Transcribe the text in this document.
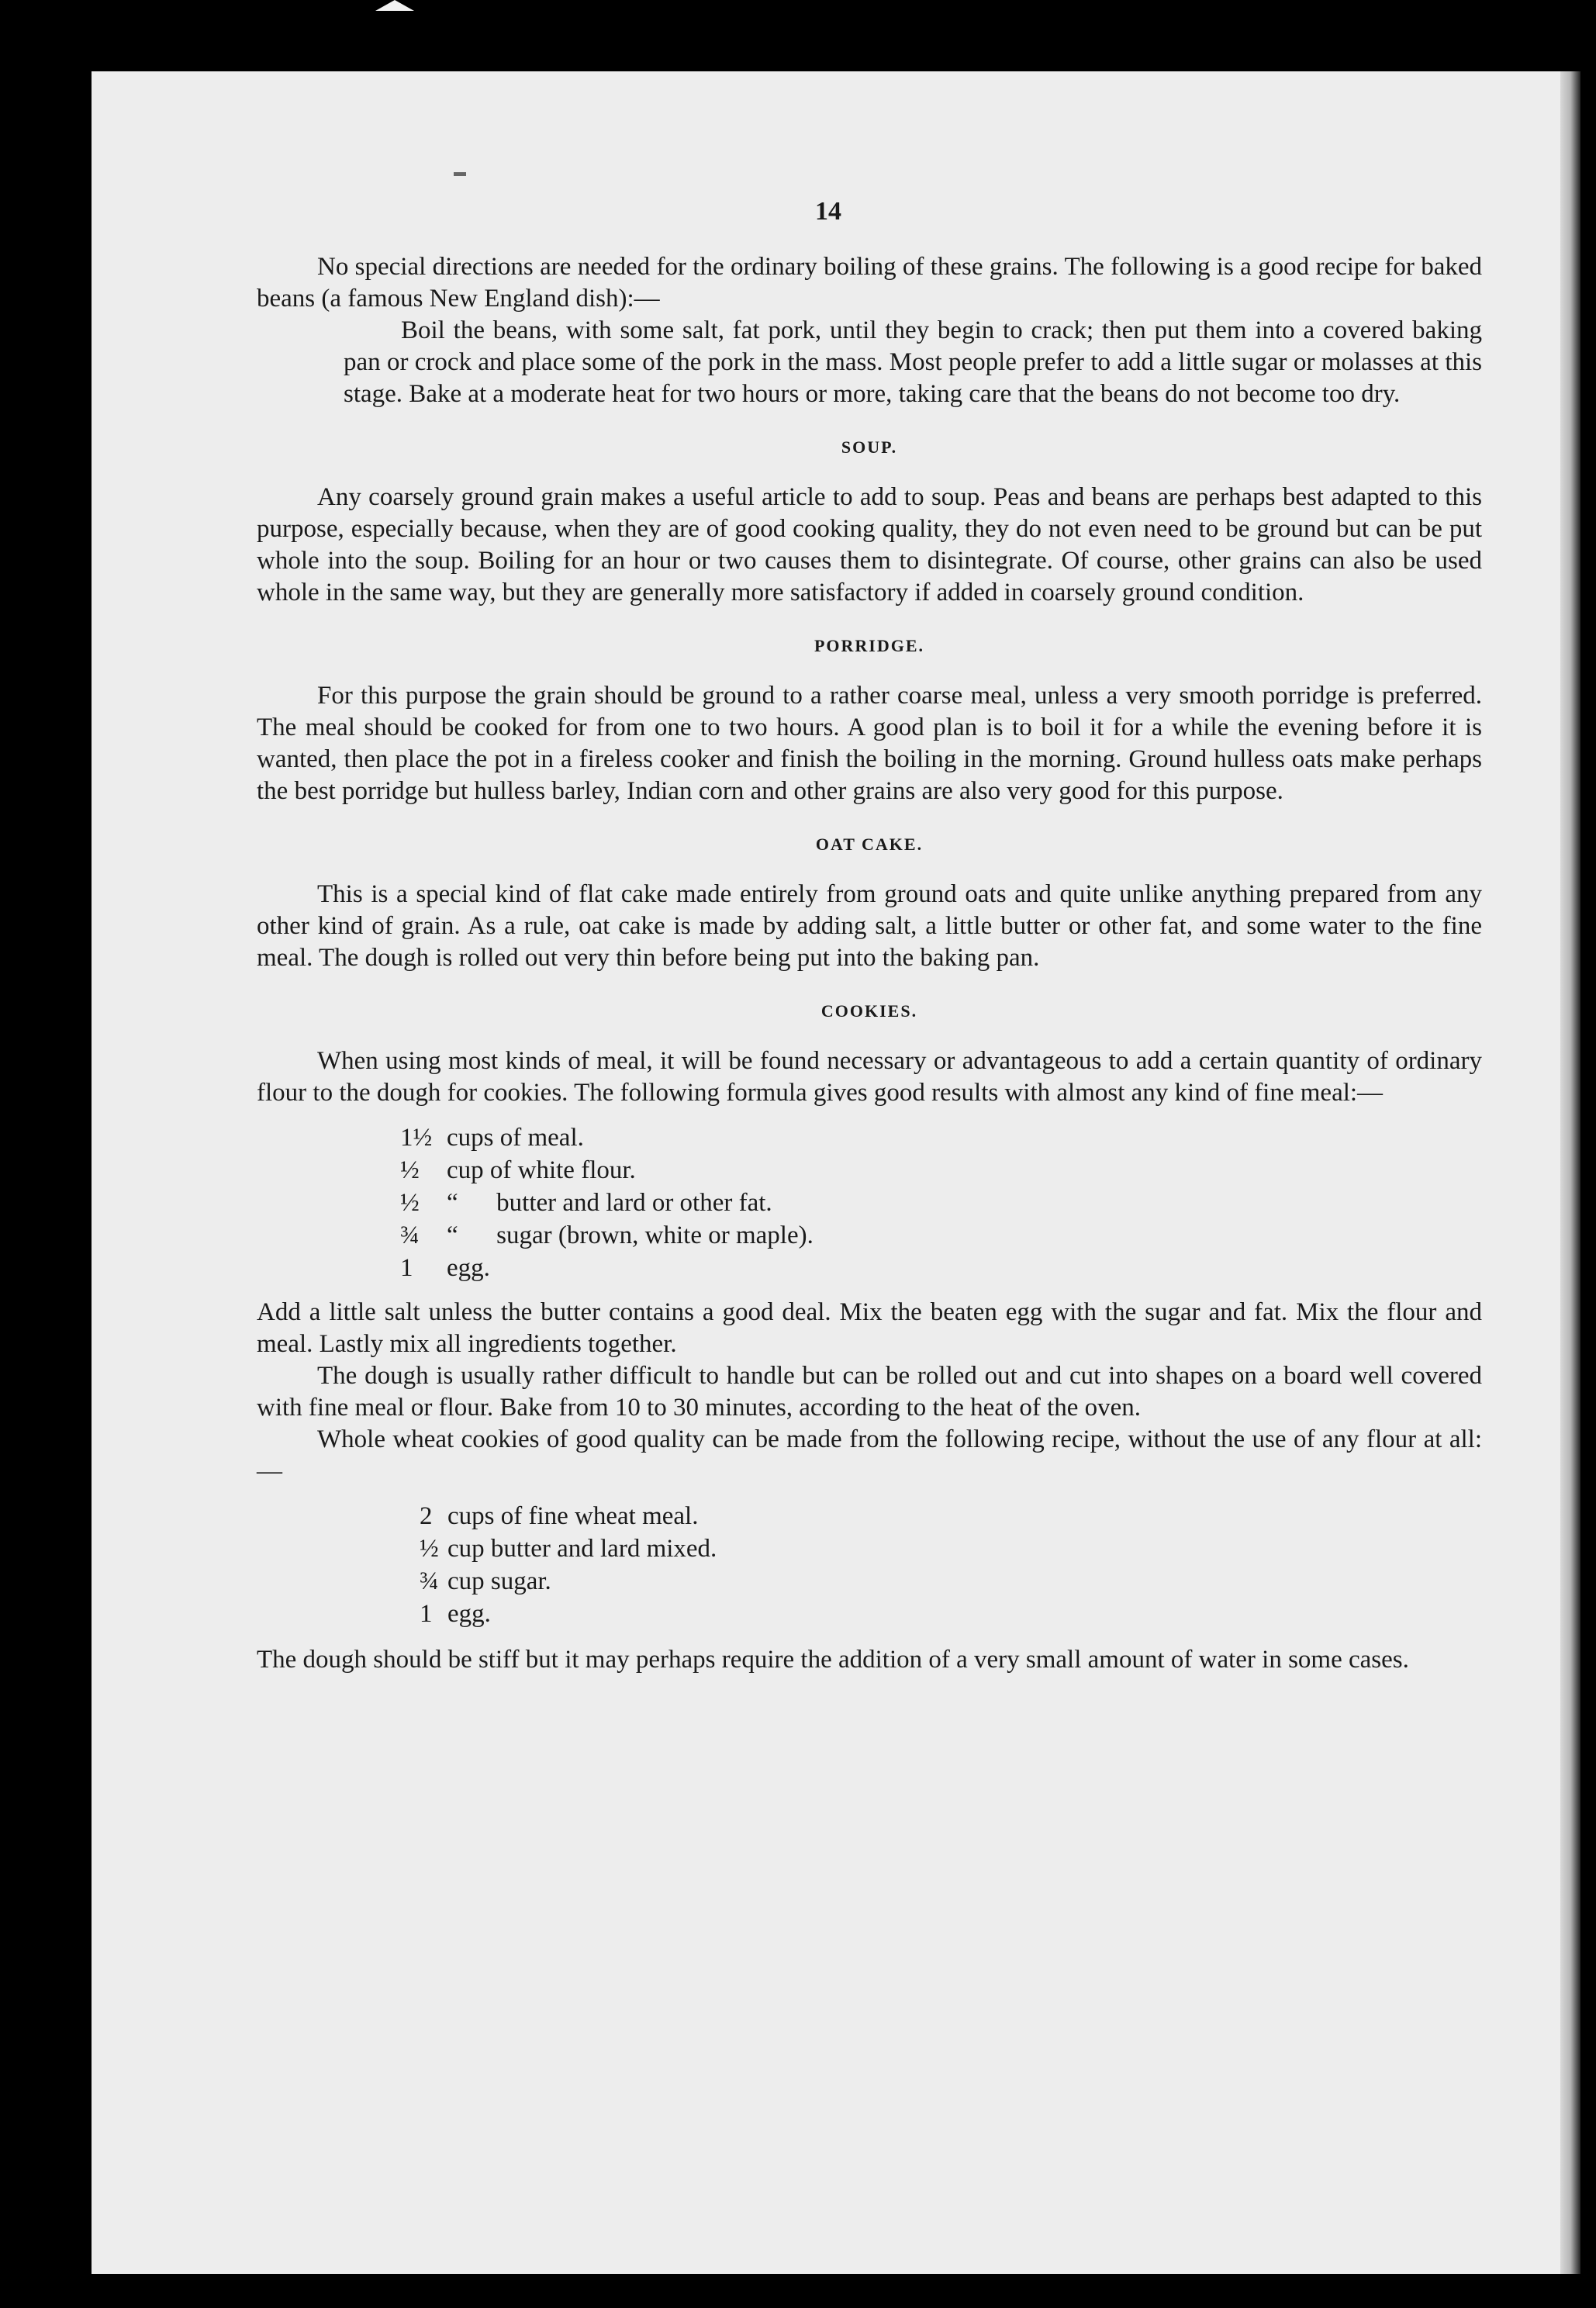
14

No special directions are needed for the ordinary boiling of these grains. The following is a good recipe for baked beans (a famous New England dish):—

Boil the beans, with some salt, fat pork, until they begin to crack; then put them into a covered baking pan or crock and place some of the pork in the mass. Most people prefer to add a little sugar or molasses at this stage. Bake at a moderate heat for two hours or more, taking care that the beans do not become too dry.

SOUP.

Any coarsely ground grain makes a useful article to add to soup. Peas and beans are perhaps best adapted to this purpose, especially because, when they are of good cooking quality, they do not even need to be ground but can be put whole into the soup. Boiling for an hour or two causes them to disintegrate. Of course, other grains can also be used whole in the same way, but they are generally more satisfactory if added in coarsely ground condition.

PORRIDGE.

For this purpose the grain should be ground to a rather coarse meal, unless a very smooth porridge is preferred. The meal should be cooked for from one to two hours. A good plan is to boil it for a while the evening before it is wanted, then place the pot in a fireless cooker and finish the boiling in the morning. Ground hulless oats make perhaps the best porridge but hulless barley, Indian corn and other grains are also very good for this purpose.

OAT CAKE.

This is a special kind of flat cake made entirely from ground oats and quite unlike anything prepared from any other kind of grain. As a rule, oat cake is made by adding salt, a little butter or other fat, and some water to the fine meal. The dough is rolled out very thin before being put into the baking pan.

COOKIES.

When using most kinds of meal, it will be found necessary or advantageous to add a certain quantity of ordinary flour to the dough for cookies. The following formula gives good results with almost any kind of fine meal:—

1½ cups of meal.
½ cup of white flour.
½ “      butter and lard or other fat.
¾ “      sugar (brown, white or maple).
1 egg.

Add a little salt unless the butter contains a good deal. Mix the beaten egg with the sugar and fat. Mix the flour and meal. Lastly mix all ingredients together.

The dough is usually rather difficult to handle but can be rolled out and cut into shapes on a board well covered with fine meal or flour. Bake from 10 to 30 minutes, according to the heat of the oven.

Whole wheat cookies of good quality can be made from the following recipe, without the use of any flour at all:—

2 cups of fine wheat meal.
½ cup butter and lard mixed.
¾ cup sugar.
1 egg.

The dough should be stiff but it may perhaps require the addition of a very small amount of water in some cases.
